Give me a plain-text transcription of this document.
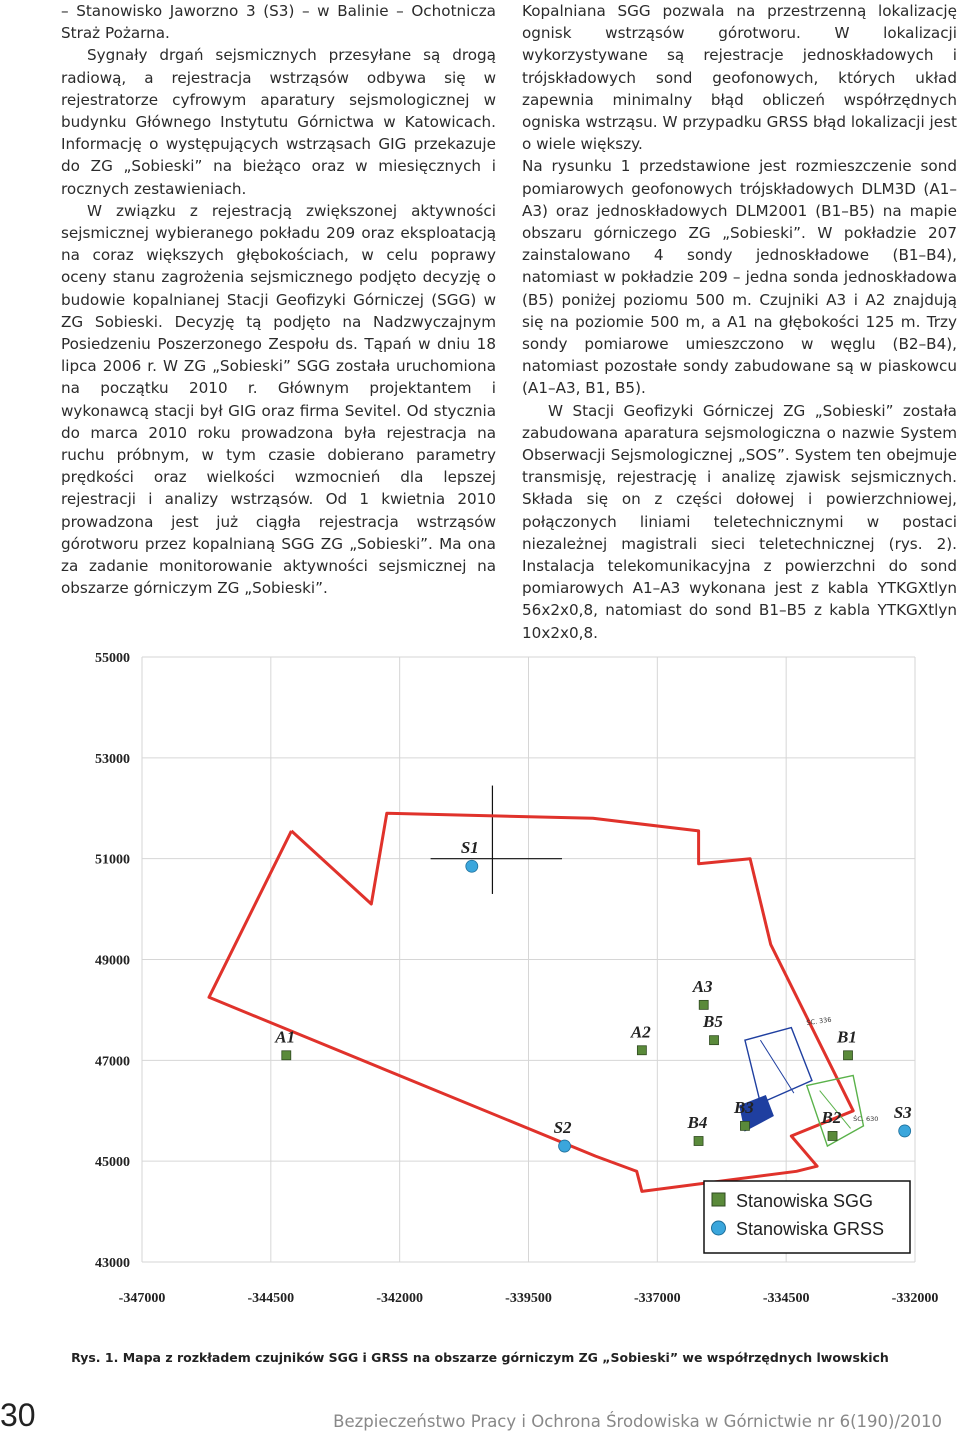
– Stanowisko Jaworzno 3 (S3) – w Balinie – Ochotnicza Straż Pożarna.

Sygnały drgań sejsmicznych przesyłane są drogą radiową, a rejestracja wstrząsów odbywa się w rejestratorze cyfrowym aparatury sejsmologicznej w budynku Głównego Instytutu Górnictwa w Katowicach. Informację o występujących wstrząsach GIG przekazuje do ZG „Sobieski” na bieżąco oraz w miesięcznych i rocznych zestawieniach.

W związku z rejestracją zwiększonej aktywności sejsmicznej wybieranego pokładu 209 oraz eksploatacją na coraz większych głębokościach, w celu poprawy oceny stanu zagrożenia sejsmicznego podjęto decyzję o budowie kopalnianej Stacji Geofizyki Górniczej (SGG) w ZG Sobieski. Decyzję tą podjęto na Nadzwyczajnym Posiedzeniu Poszerzonego Zespołu ds. Tąpań w dniu 18 lipca 2006 r. W ZG „Sobieski” SGG została uruchomiona na początku 2010 r. Głównym projektantem i wykonawcą stacji był GIG oraz firma Sevitel. Od stycznia do marca 2010 roku prowadzona była rejestracja na ruchu próbnym, w tym czasie dobierano parametry prędkości oraz wielkości wzmocnień dla lepszej rejestracji i analizy wstrząsów. Od 1 kwietnia 2010 prowadzona jest już ciągła rejestracja wstrząsów górotworu przez kopalnianą SGG ZG „Sobieski”. Ma ona za zadanie monitorowanie aktywności sejsmicznej na obszarze górniczym ZG „Sobieski”.

Kopalniana SGG pozwala na przestrzenną lokalizację ognisk wstrząsów górotworu. W lokalizacji wykorzystywane są rejestracje jednoskładowych i trójskładowych sond geofonowych, których układ zapewnia minimalny błąd obliczeń współrzędnych ogniska wstrząsu. W przypadku GRSS błąd lokalizacji jest o wiele większy.

Na rysunku 1 przedstawione jest rozmieszczenie sond pomiarowych geofonowych trójskładowych DLM3D (A1–A3) oraz jednoskładowych DLM2001 (B1–B5) na mapie obszaru górniczego ZG „Sobieski”. W pokładzie 207 zainstalowano 4 sondy jednoskładowe (B1–B4), natomiast w pokładzie 209 – jedna sonda jednoskładowa (B5) poniżej poziomu 500 m. Czujniki A3 i A2 znajdują się na poziomie 500 m, a A1 na głębokości 125 m. Trzy sondy pomiarowe umieszczono w węglu (B2–B4), natomiast pozostałe sondy zabudowane są w piaskowcu (A1–A3, B1, B5).

W Stacji Geofizyki Górniczej ZG „Sobieski” została zabudowana aparatura sejsmologiczna o nazwie System Obserwacji Sejsmologicznej „SOS”. System ten obejmuje transmisję, rejestrację i analizę zjawisk sejsmicznych. Składa się on z części dołowej i powierzchniowej, połączonych liniami teletechnicznymi w postaci niezależnej magistrali sieci teletechnicznej (rys. 2). Instalacja telekomunikacyjna z powierzchni do sond pomiarowych A1–A3 wykonana jest z kabla YTKGXtlyn 56x2x0,8, natomiast do sond B1–B5 z kabla YTKGXtlyn 10x2x0,8.

43000
45000
47000
49000
51000
53000
55000
-347000	-344500	-342000	-339500	-337000	-334500	-332000
ŚC. 336
ŚC. 630
A1	A2
A3
B1
B2
B3
B4
B5
S1
S2
S3
Stanowiska SGG
Stanowiska GRSS
Rys. 1. Mapa z rozkładem czujników SGG i GRSS na obszarze górniczym ZG „Sobieski” we współrzędnych lwowskich
30	Bezpieczeństwo Pracy i Ochrona Środowiska w Górnictwie nr 6(190)/2010
